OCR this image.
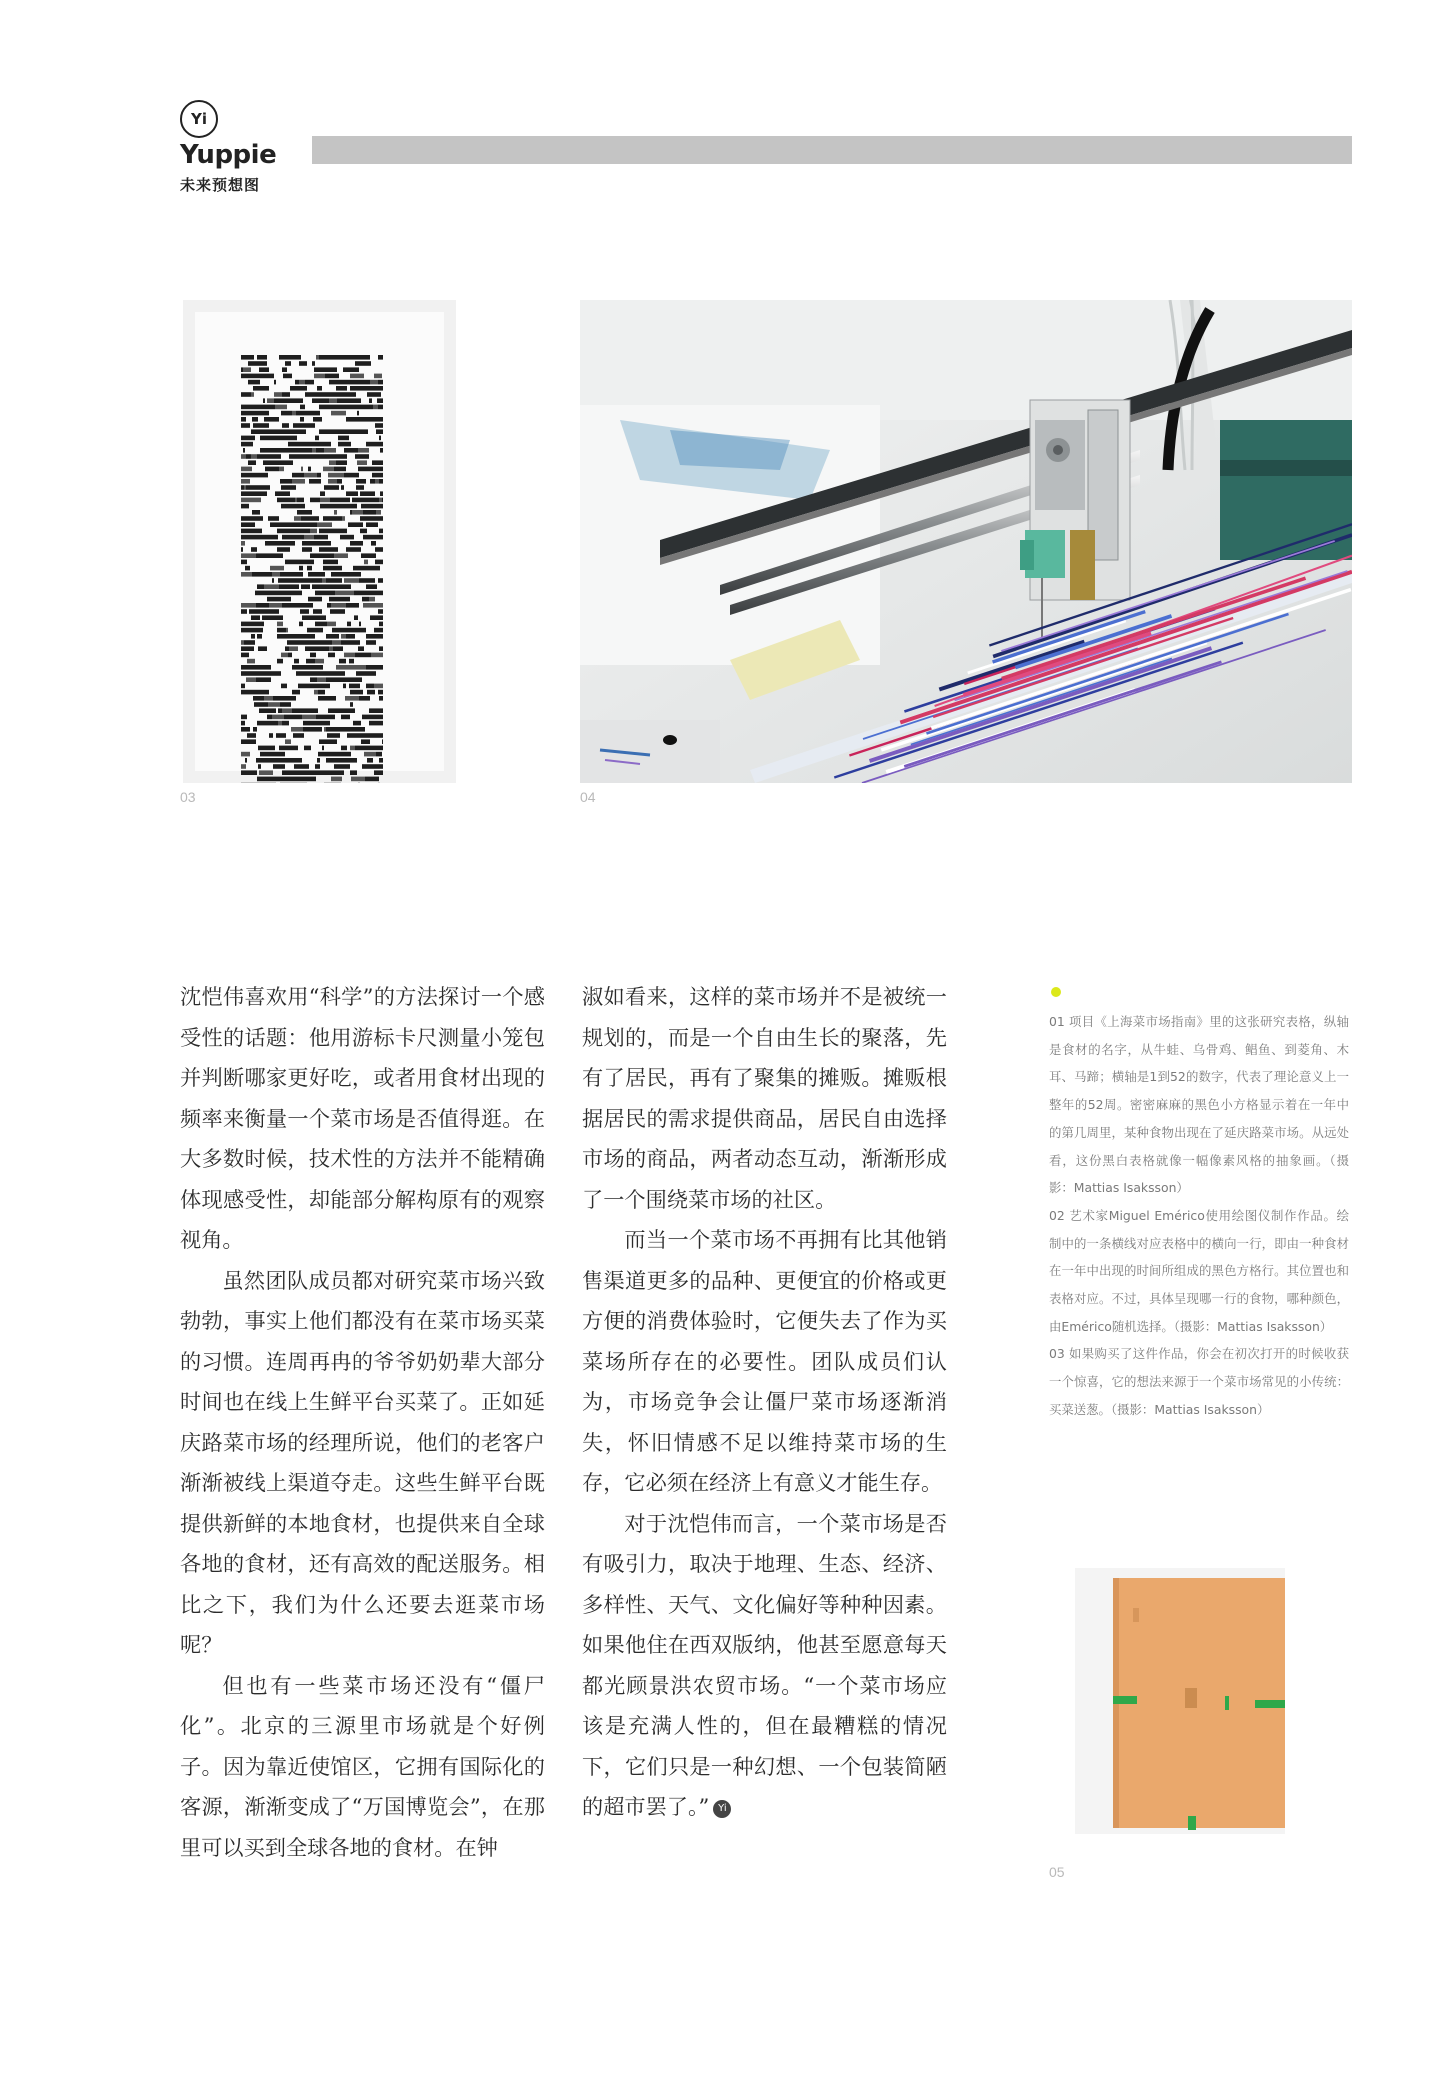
Yi
Yuppie
未来预想图
03	04

沈恺伟喜欢用“科学”的方法探讨一个感受性的话题：他用游标卡尺测量小笼包并判断哪家更好吃，或者用食材出现的频率来衡量一个菜市场是否值得逛。在大多数时候，技术性的方法并不能精确体现感受性，却能部分解构原有的观察视角。

虽然团队成员都对研究菜市场兴致勃勃，事实上他们都没有在菜市场买菜的习惯。连周再冉的爷爷奶奶辈大部分时间也在线上生鲜平台买菜了。正如延庆路菜市场的经理所说，他们的老客户渐渐被线上渠道夺走。这些生鲜平台既提供新鲜的本地食材，也提供来自全球各地的食材，还有高效的配送服务。相比之下，我们为什么还要去逛菜市场呢？

但也有一些菜市场还没有“僵尸化”。北京的三源里市场就是个好例子。因为靠近使馆区，它拥有国际化的客源，渐渐变成了“万国博览会”，在那里可以买到全球各地的食材。在钟

淑如看来，这样的菜市场并不是被统一规划的，而是一个自由生长的聚落，先有了居民，再有了聚集的摊贩。摊贩根据居民的需求提供商品，居民自由选择市场的商品，两者动态互动，渐渐形成了一个围绕菜市场的社区。

而当一个菜市场不再拥有比其他销售渠道更多的品种、更便宜的价格或更方便的消费体验时，它便失去了作为买菜场所存在的必要性。团队成员们认为，市场竞争会让僵尸菜市场逐渐消失，怀旧情感不足以维持菜市场的生存，它必须在经济上有意义才能生存。

对于沈恺伟而言，一个菜市场是否有吸引力，取决于地理、生态、经济、多样性、天气、文化偏好等种种因素。如果他住在西双版纳，他甚至愿意每天都光顾景洪农贸市场。“一个菜市场应该是充满人性的，但在最糟糕的情况下，它们只是一种幻想、一个包装简陋的超市罢了。” Yi

01 项目《上海菜市场指南》里的这张研究表格，纵轴是食材的名字，从牛蛙、乌骨鸡、鲳鱼、到菱角、木耳、马蹄；横轴是1到52的数字，代表了理论意义上一整年的52周。密密麻麻的黑色小方格显示着在一年中的第几周里，某种食物出现在了延庆路菜市场。从远处看，这份黑白表格就像一幅像素风格的抽象画。（摄影：Mattias Isaksson）

02 艺术家Miguel Emérico使用绘图仪制作作品。绘制中的一条横线对应表格中的横向一行，即由一种食材在一年中出现的时间所组成的黑色方格行。其位置也和表格对应。不过，具体呈现哪一行的食物，哪种颜色，由Emérico随机选择。（摄影：Mattias Isaksson）

03 如果购买了这件作品，你会在初次打开的时候收获一个惊喜，它的想法来源于一个菜市场常见的小传统：买菜送葱。（摄影：Mattias Isaksson）

05
